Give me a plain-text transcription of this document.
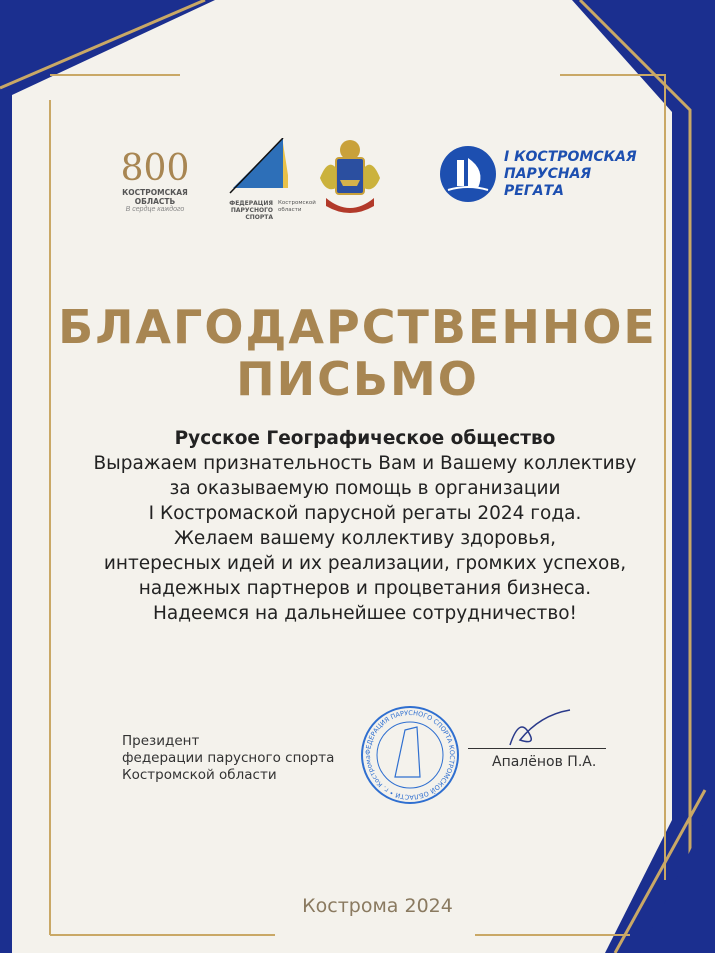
800
КОСТРОМСКАЯ
ОБЛАСТЬ
В сердце каждого
ФЕДЕРАЦИЯ
ПАРУСНОГО
СПОРТА
Костромской
области
I КОСТРОМСКАЯ
ПАРУСНАЯ
РЕГАТА
БЛАГОДАРСТВЕННОЕ
ПИСЬМО
Русское Географическое общество
Выражаем признательность Вам и Вашему коллективу
за оказываемую помощь в организации
I Костромаской парусной регаты 2024 года.
Желаем вашему коллективу здоровья,
интересных идей и их реализации, громких успехов,
надежных партнеров и процветания бизнеса.
Надеемся на дальнейшее сотрудничество!
Президент
федерации парусного спорта
Костромской области
ФЕДЕРАЦИЯ ПАРУСНОГО СПОРТА КОСТРОМСКОЙ ОБЛАСТИ • г. Кострома	Апалёнов П.А.
Кострома 2024
